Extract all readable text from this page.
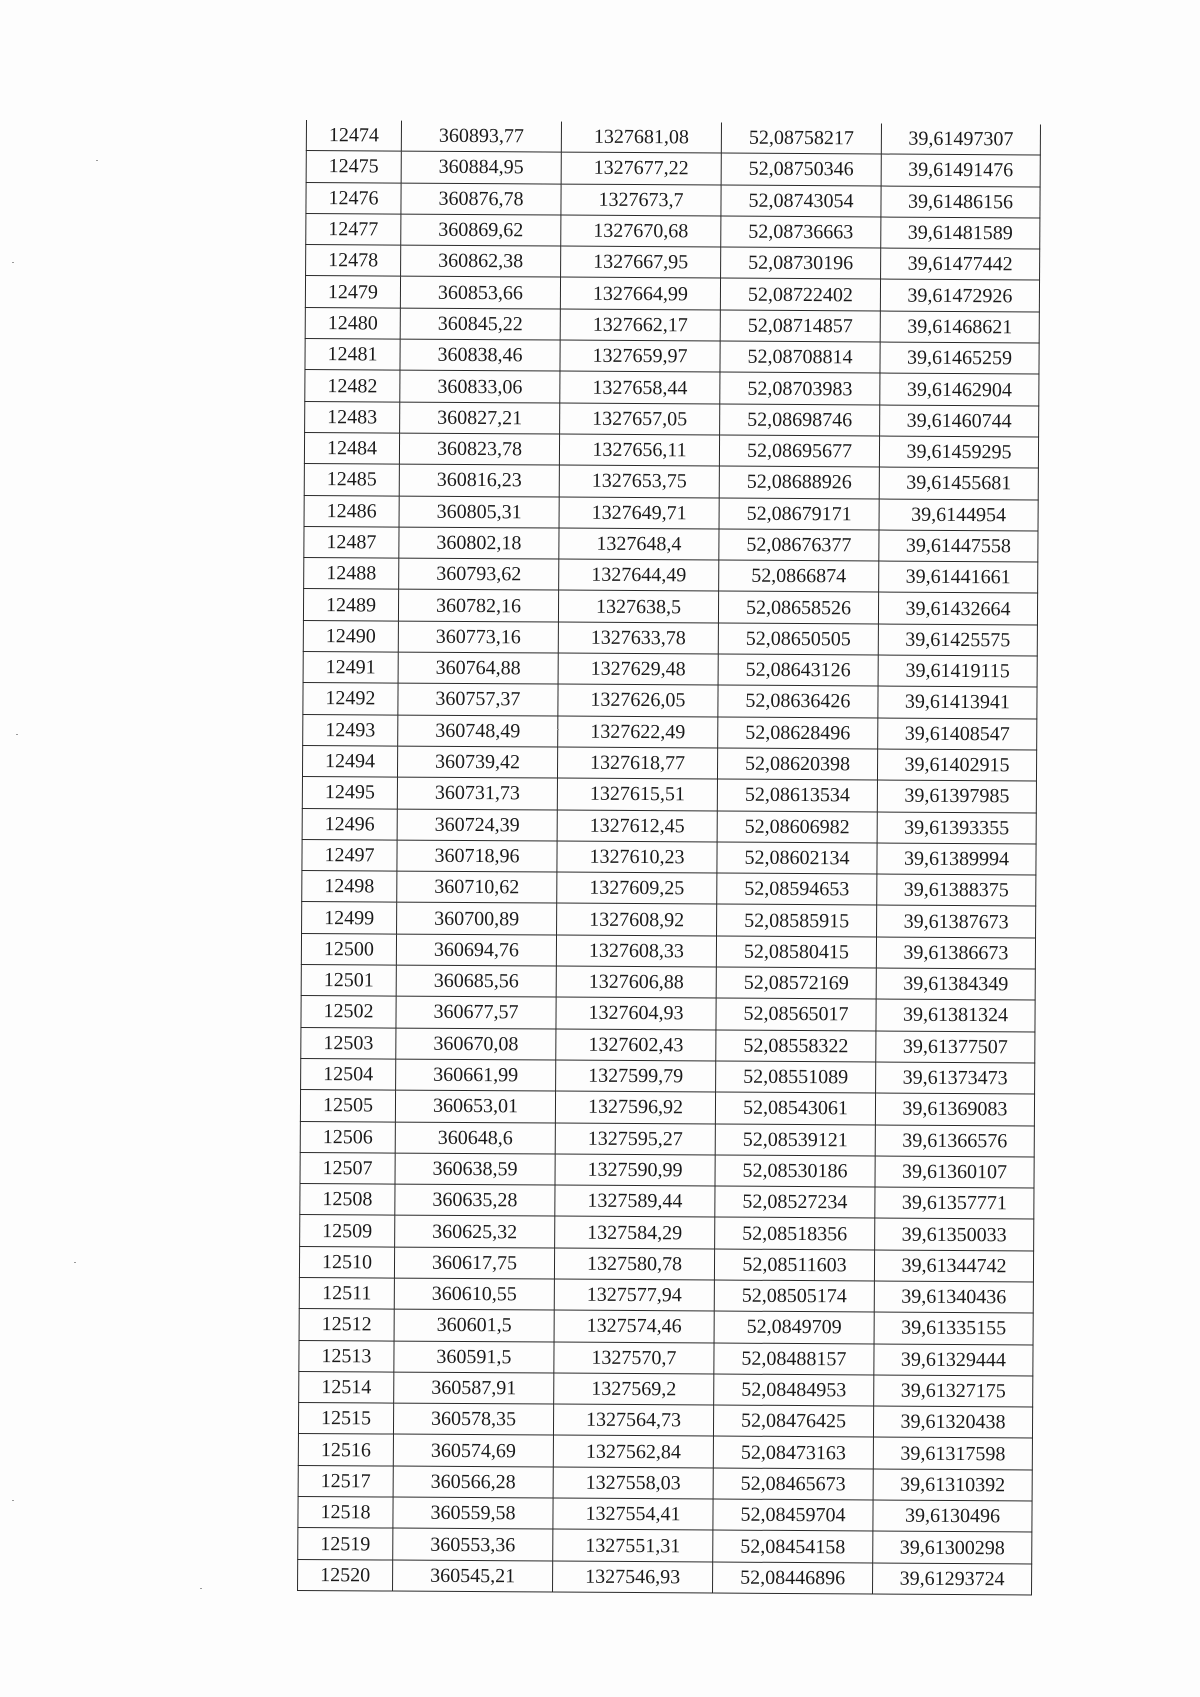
12474	360893,77	1327681,08	52,08758217	39,61497307
12475	360884,95	1327677,22	52,08750346	39,61491476
12476	360876,78	1327673,7	52,08743054	39,61486156
12477	360869,62	1327670,68	52,08736663	39,61481589
12478	360862,38	1327667,95	52,08730196	39,61477442
12479	360853,66	1327664,99	52,08722402	39,61472926
12480	360845,22	1327662,17	52,08714857	39,61468621
12481	360838,46	1327659,97	52,08708814	39,61465259
12482	360833,06	1327658,44	52,08703983	39,61462904
12483	360827,21	1327657,05	52,08698746	39,61460744
12484	360823,78	1327656,11	52,08695677	39,61459295
12485	360816,23	1327653,75	52,08688926	39,61455681
12486	360805,31	1327649,71	52,08679171	39,6144954
12487	360802,18	1327648,4	52,08676377	39,61447558
12488	360793,62	1327644,49	52,0866874	39,61441661
12489	360782,16	1327638,5	52,08658526	39,61432664
12490	360773,16	1327633,78	52,08650505	39,61425575
12491	360764,88	1327629,48	52,08643126	39,61419115
12492	360757,37	1327626,05	52,08636426	39,61413941
12493	360748,49	1327622,49	52,08628496	39,61408547
12494	360739,42	1327618,77	52,08620398	39,61402915
12495	360731,73	1327615,51	52,08613534	39,61397985
12496	360724,39	1327612,45	52,08606982	39,61393355
12497	360718,96	1327610,23	52,08602134	39,61389994
12498	360710,62	1327609,25	52,08594653	39,61388375
12499	360700,89	1327608,92	52,08585915	39,61387673
12500	360694,76	1327608,33	52,08580415	39,61386673
12501	360685,56	1327606,88	52,08572169	39,61384349
12502	360677,57	1327604,93	52,08565017	39,61381324
12503	360670,08	1327602,43	52,08558322	39,61377507
12504	360661,99	1327599,79	52,08551089	39,61373473
12505	360653,01	1327596,92	52,08543061	39,61369083
12506	360648,6	1327595,27	52,08539121	39,61366576
12507	360638,59	1327590,99	52,08530186	39,61360107
12508	360635,28	1327589,44	52,08527234	39,61357771
12509	360625,32	1327584,29	52,08518356	39,61350033
12510	360617,75	1327580,78	52,08511603	39,61344742
12511	360610,55	1327577,94	52,08505174	39,61340436
12512	360601,5	1327574,46	52,0849709	39,61335155
12513	360591,5	1327570,7	52,08488157	39,61329444
12514	360587,91	1327569,2	52,08484953	39,61327175
12515	360578,35	1327564,73	52,08476425	39,61320438
12516	360574,69	1327562,84	52,08473163	39,61317598
12517	360566,28	1327558,03	52,08465673	39,61310392
12518	360559,58	1327554,41	52,08459704	39,6130496
12519	360553,36	1327551,31	52,08454158	39,61300298
12520	360545,21	1327546,93	52,08446896	39,61293724
